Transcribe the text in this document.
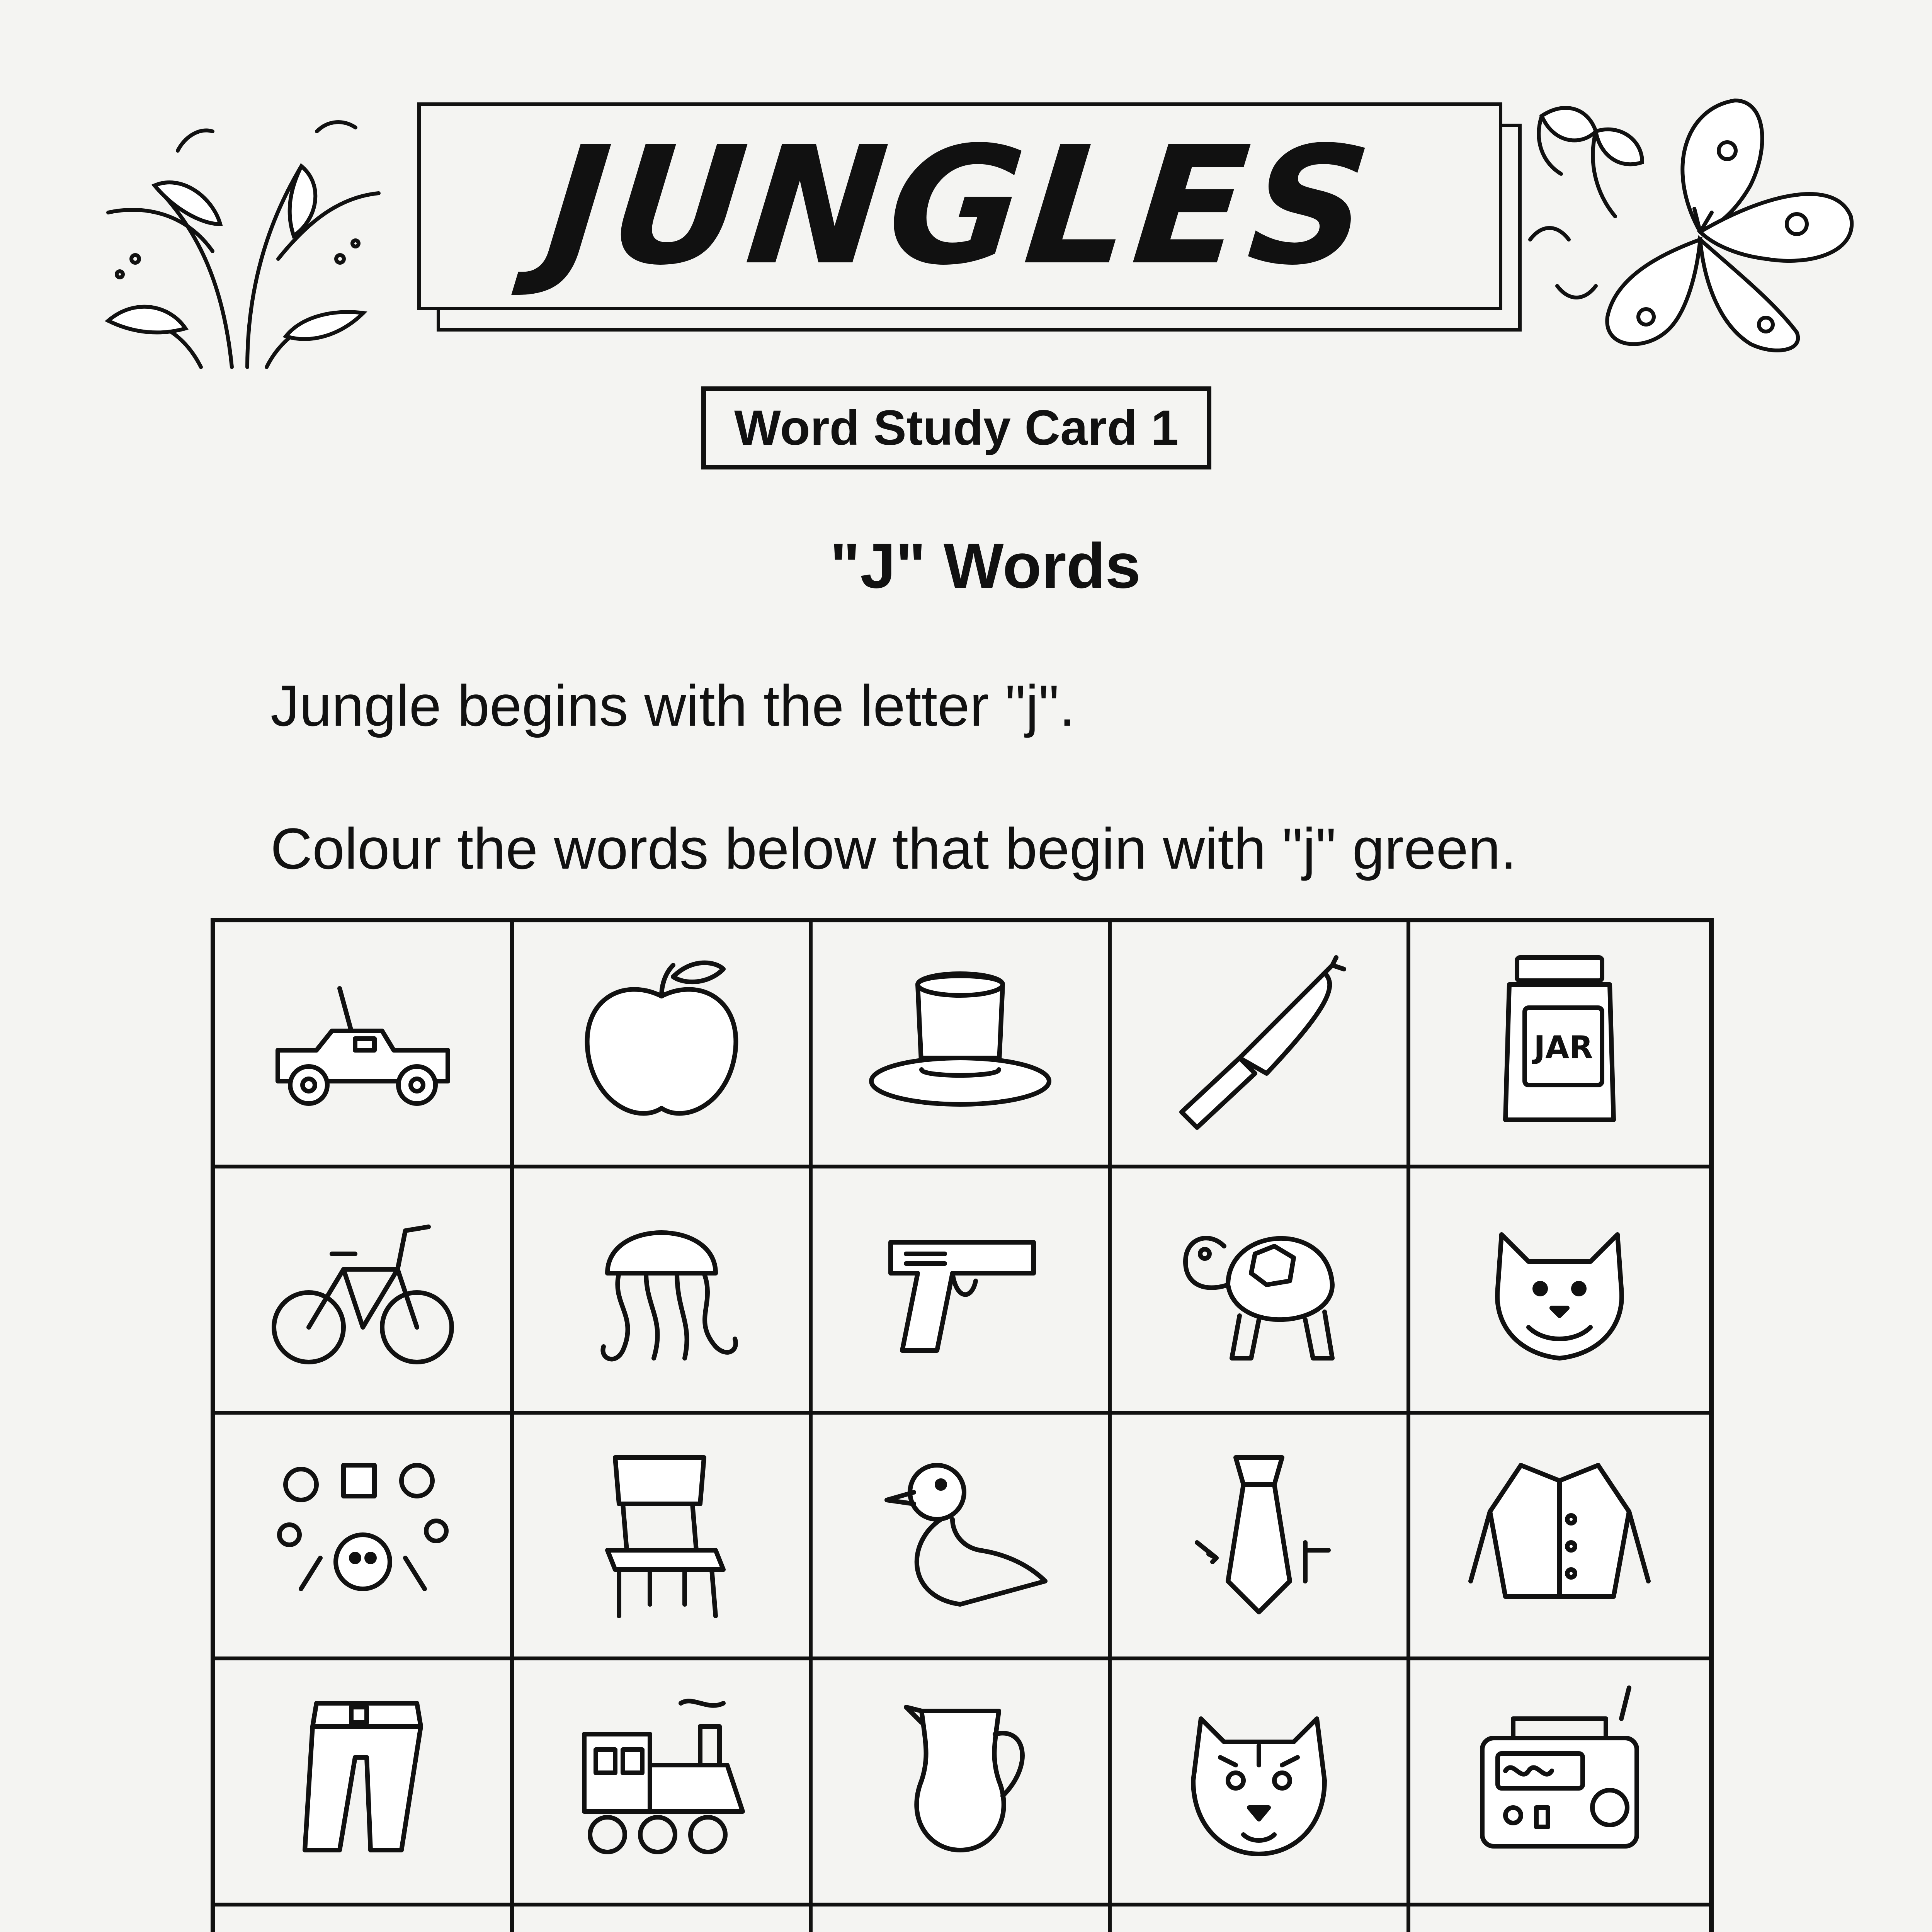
JUNGLES
Word Study Card 1
"J" Words
Jungle begins with the letter "j".
Colour the words below that begin with "j" green.
JAR
